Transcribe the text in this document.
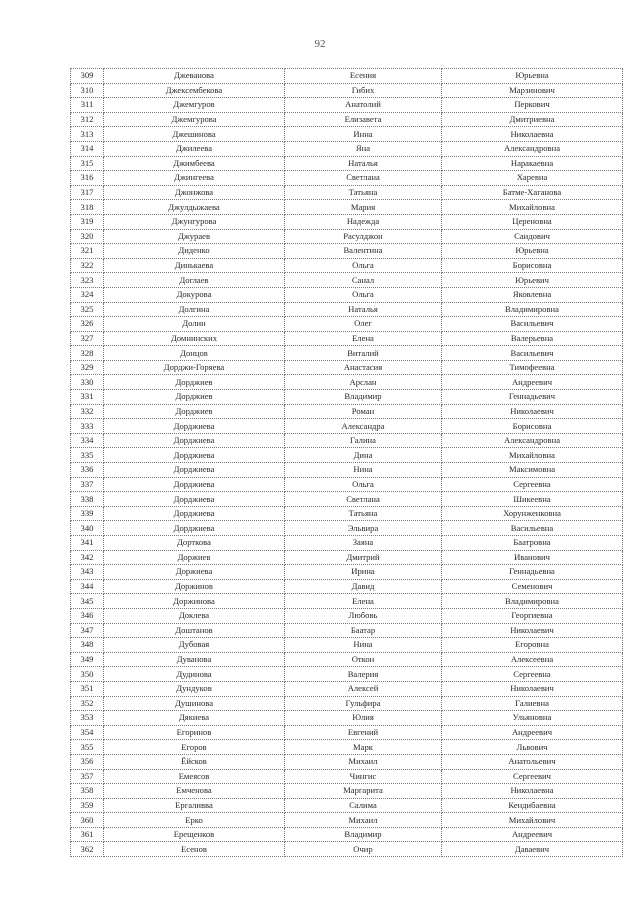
92
309	Джеванова	Есения	Юрьевна
310	Джексембекова	Гибих	Марзинович
311	Джемгуров	Анатолий	Перкович
312	Джемгурова	Елизавета	Дмитриевна
313	Джешинова	Инна	Николаевна
314	Джилеева	Яна	Александровна
315	Джимбеева	Наталья	Наракаевна
316	Джингеева	Светлана	Харевна
317	Джонжова	Татьяна	Батме-Хаганова
318	Джулдыжаева	Мария	Михайловна
319	Джунгурова	Надежда	Цереновна
320	Джураев	Расулджон	Саидович
321	Диденко	Валентина	Юрьевна
322	Динькаева	Ольга	Борисовна
323	Доглаев	Санал	Юрьевич
324	Докурова	Ольга	Яковлевна
325	Долгина	Наталья	Владимировна
326	Долин	Олег	Васильевич
327	Домнинских	Елена	Валерьевна
328	Донцов	Виталий	Васильевич
329	Дорджи-Горяева	Анастасия	Тимофеевна
330	Дорджиев	Арслан	Андреевич
331	Дорджиев	Владимир	Геннадьевич
332	Дорджиев	Роман	Николаевич
333	Дорджиева	Александра	Борисовна
334	Дорджиева	Галина	Александровна
335	Дорджиева	Дина	Михайловна
336	Дорджиева	Нина	Максимовна
337	Дорджиева	Ольга	Сергеевна
338	Дорджиева	Светлана	Шикеевна
339	Дорджиева	Татьяна	Хорунженковна
340	Дорджиева	Эльвира	Васильевна
341	Дорткова	Заяна	Баатровна
342	Доржиев	Дмитрий	Иванович
343	Доржиева	Ирина	Геннадьевна
344	Доржинов	Давид	Семенович
345	Доржинова	Елена	Владимировна
346	Доклева	Любовь	Георгиевна
347	Доштанов	Баатар	Николаевич
348	Дубовая	Нина	Егоровна
349	Дуванова	Откон	Алексеевна
350	Дудинова	Валерия	Сергеевна
351	Дундуков	Алексей	Николаевич
352	Душинова	Гульфира	Галиевна
353	Дякиева	Юлия	Ульяновна
354	Егоринов	Евгений	Андреевич
355	Егоров	Марк	Львович
356	Ёйсков	Михаил	Анатольевич
357	Емеясов	Чингис	Сергеевич
358	Емченова	Маргарита	Николаевна
359	Ергаливва	Салима	Кендибаевна
360	Ерко	Михаил	Михайлович
361	Ерещенков	Владимир	Андреевич
362	Есенов	Очир	Даваевич
